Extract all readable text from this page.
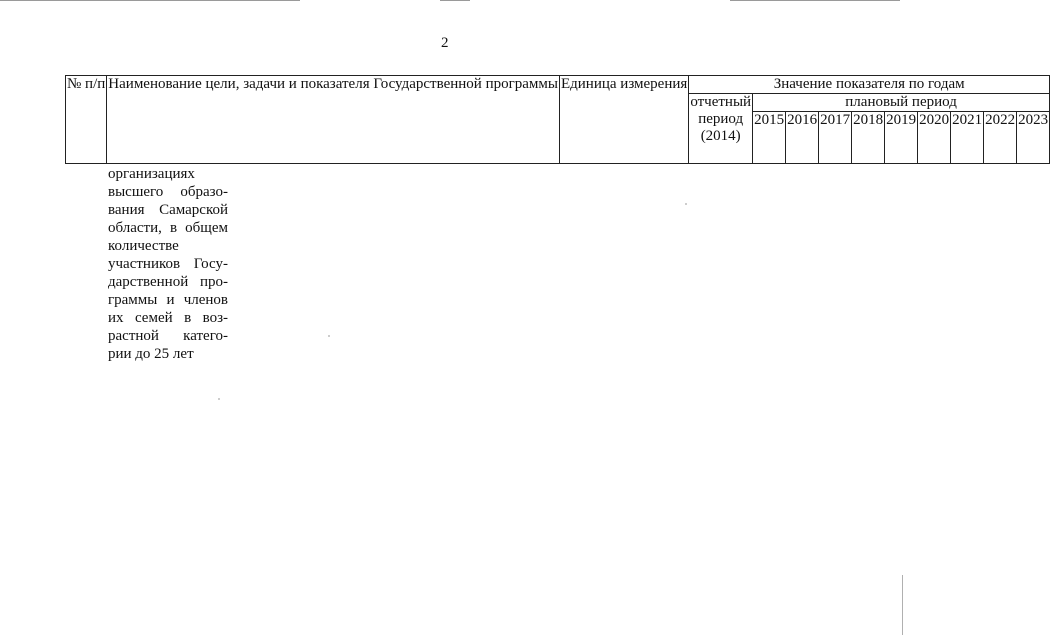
2
№ п/п	Наименование цели, задачи и показателя Государственной программы	Единица измерения	Значение показателя по годам									
			отчетный период (2014)	плановый период								
				2015	2016	2017	2018	2019	2020	2021	2022	2023
организациях
высшего образо-
вания Самарской
области, в общем
количестве
участников Госу-
дарственной про-
граммы и членов
их семей в воз-
растной катего-
рии до 25 лет
